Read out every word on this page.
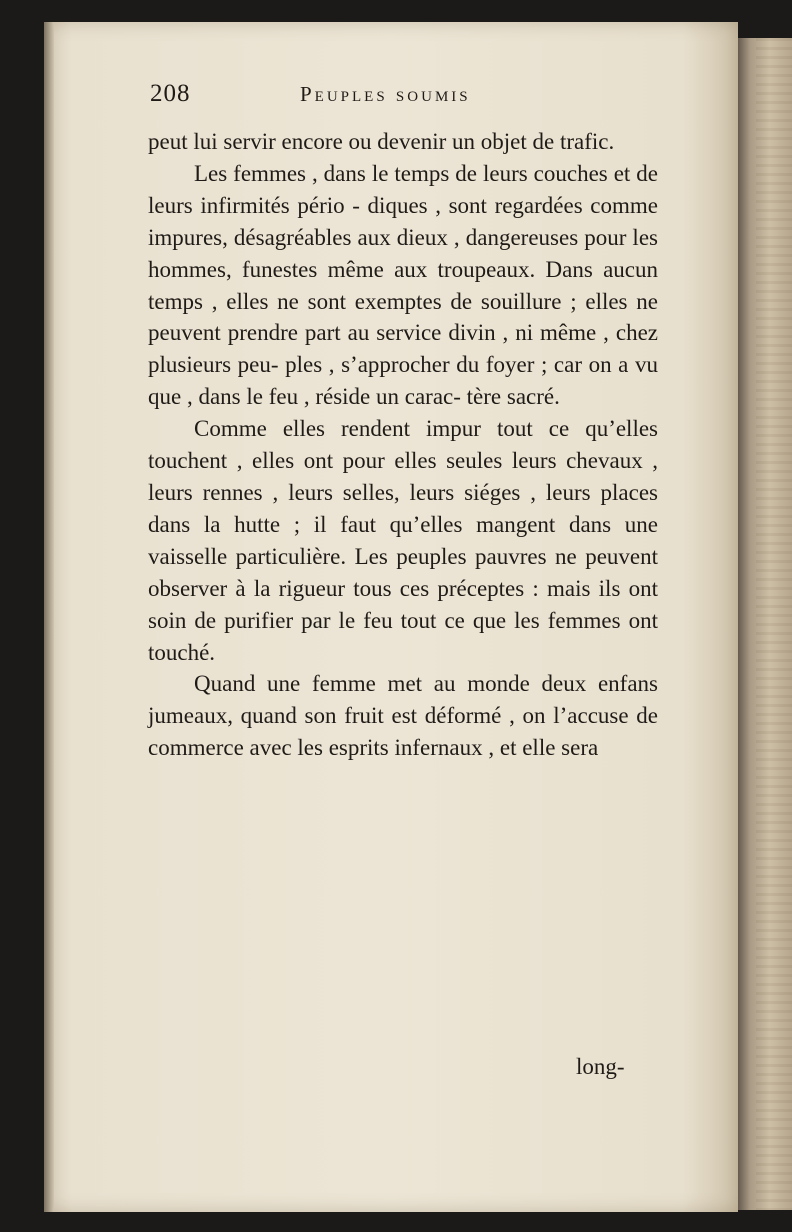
208	Peuples soumis

peut lui servir encore ou devenir un objet de trafic.

Les femmes , dans le temps de leurs couches et de leurs infirmités pério - diques , sont regardées comme impures, désagréables aux dieux , dangereuses pour les hommes, funestes même aux troupeaux. Dans aucun temps , elles ne sont exemptes de souillure ; elles ne peuvent prendre part au service divin , ni même , chez plusieurs peu- ples , s’approcher du foyer ; car on a vu que , dans le feu , réside un carac- tère sacré.

Comme elles rendent impur tout ce qu’elles touchent , elles ont pour elles seules leurs chevaux , leurs rennes , leurs selles, leurs siéges , leurs places dans la hutte ; il faut qu’elles mangent dans une vaisselle particulière. Les peuples pauvres ne peuvent observer à la rigueur tous ces préceptes : mais ils ont soin de purifier par le feu tout ce que les femmes ont touché.

Quand une femme met au monde deux enfans jumeaux, quand son fruit est déformé , on l’accuse de commerce avec les esprits infernaux , et elle sera

long-
